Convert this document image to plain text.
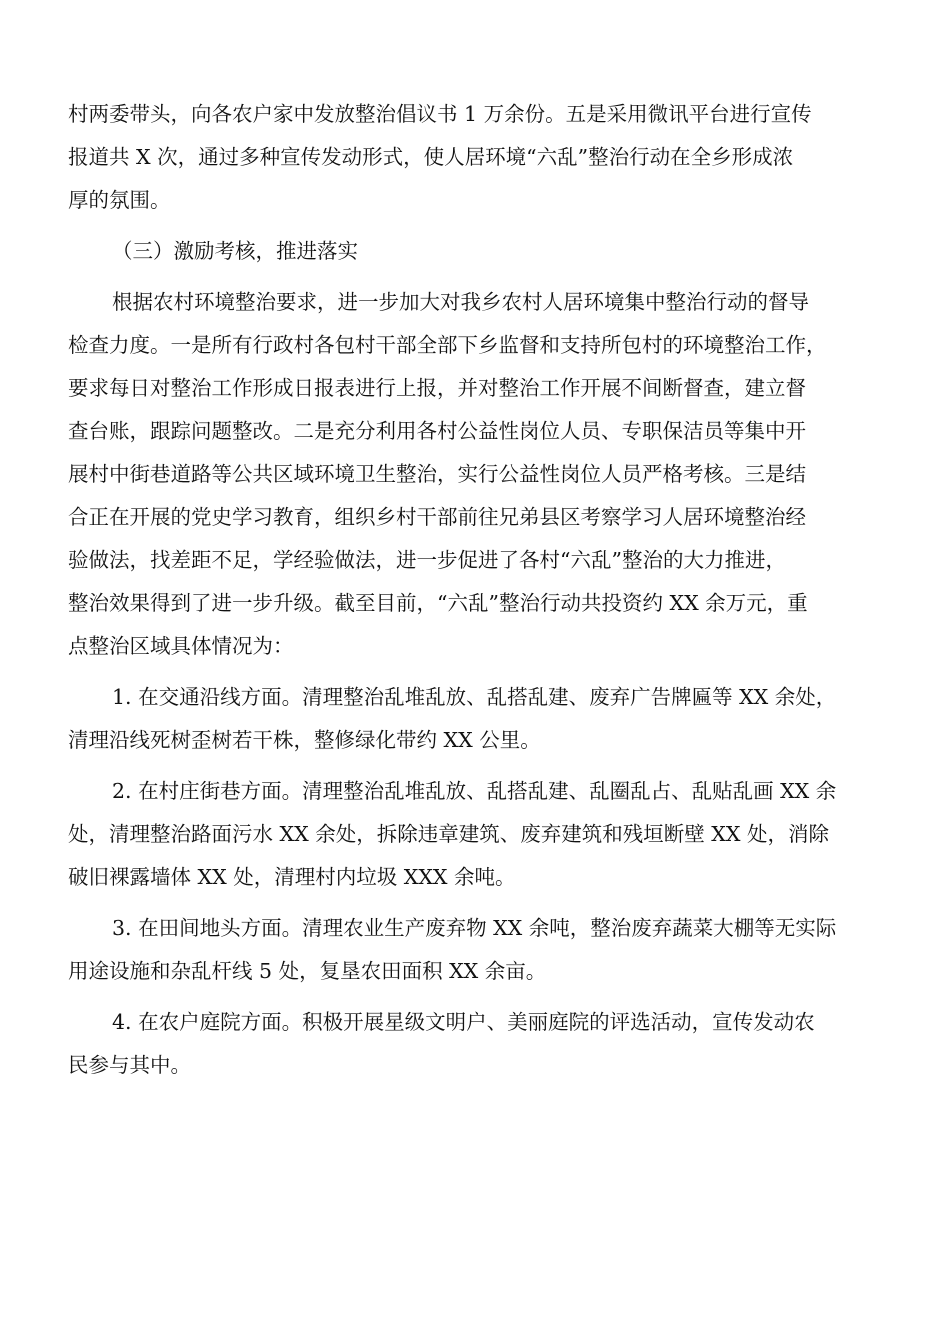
村两委带头，向各农户家中发放整治倡议书 1 万余份。五是采用微讯平台进行宣传
报道共 X 次，通过多种宣传发动形式，使人居环境“六乱”整治行动在全乡形成浓
厚的氛围。

（三）激励考核，推进落实

根据农村环境整治要求，进一步加大对我乡农村人居环境集中整治行动的督导
检查力度。一是所有行政村各包村干部全部下乡监督和支持所包村的环境整治工作，
要求每日对整治工作形成日报表进行上报，并对整治工作开展不间断督查，建立督
查台账，跟踪问题整改。二是充分利用各村公益性岗位人员、专职保洁员等集中开
展村中街巷道路等公共区域环境卫生整治，实行公益性岗位人员严格考核。三是结
合正在开展的党史学习教育，组织乡村干部前往兄弟县区考察学习人居环境整治经
验做法，找差距不足，学经验做法，进一步促进了各村“六乱”整治的大力推进，
整治效果得到了进一步升级。截至目前，“六乱”整治行动共投资约 XX 余万元，重
点整治区域具体情况为：

1. 在交通沿线方面。清理整治乱堆乱放、乱搭乱建、废弃广告牌匾等 XX 余处，
清理沿线死树歪树若干株，整修绿化带约 XX 公里。

2. 在村庄街巷方面。清理整治乱堆乱放、乱搭乱建、乱圈乱占、乱贴乱画 XX 余
处，清理整治路面污水 XX 余处，拆除违章建筑、废弃建筑和残垣断壁 XX 处，消除
破旧裸露墙体 XX 处，清理村内垃圾 XXX 余吨。

3. 在田间地头方面。清理农业生产废弃物 XX 余吨，整治废弃蔬菜大棚等无实际
用途设施和杂乱杆线 5 处，复垦农田面积 XX 余亩。

4. 在农户庭院方面。积极开展星级文明户、美丽庭院的评选活动，宣传发动农
民参与其中。
